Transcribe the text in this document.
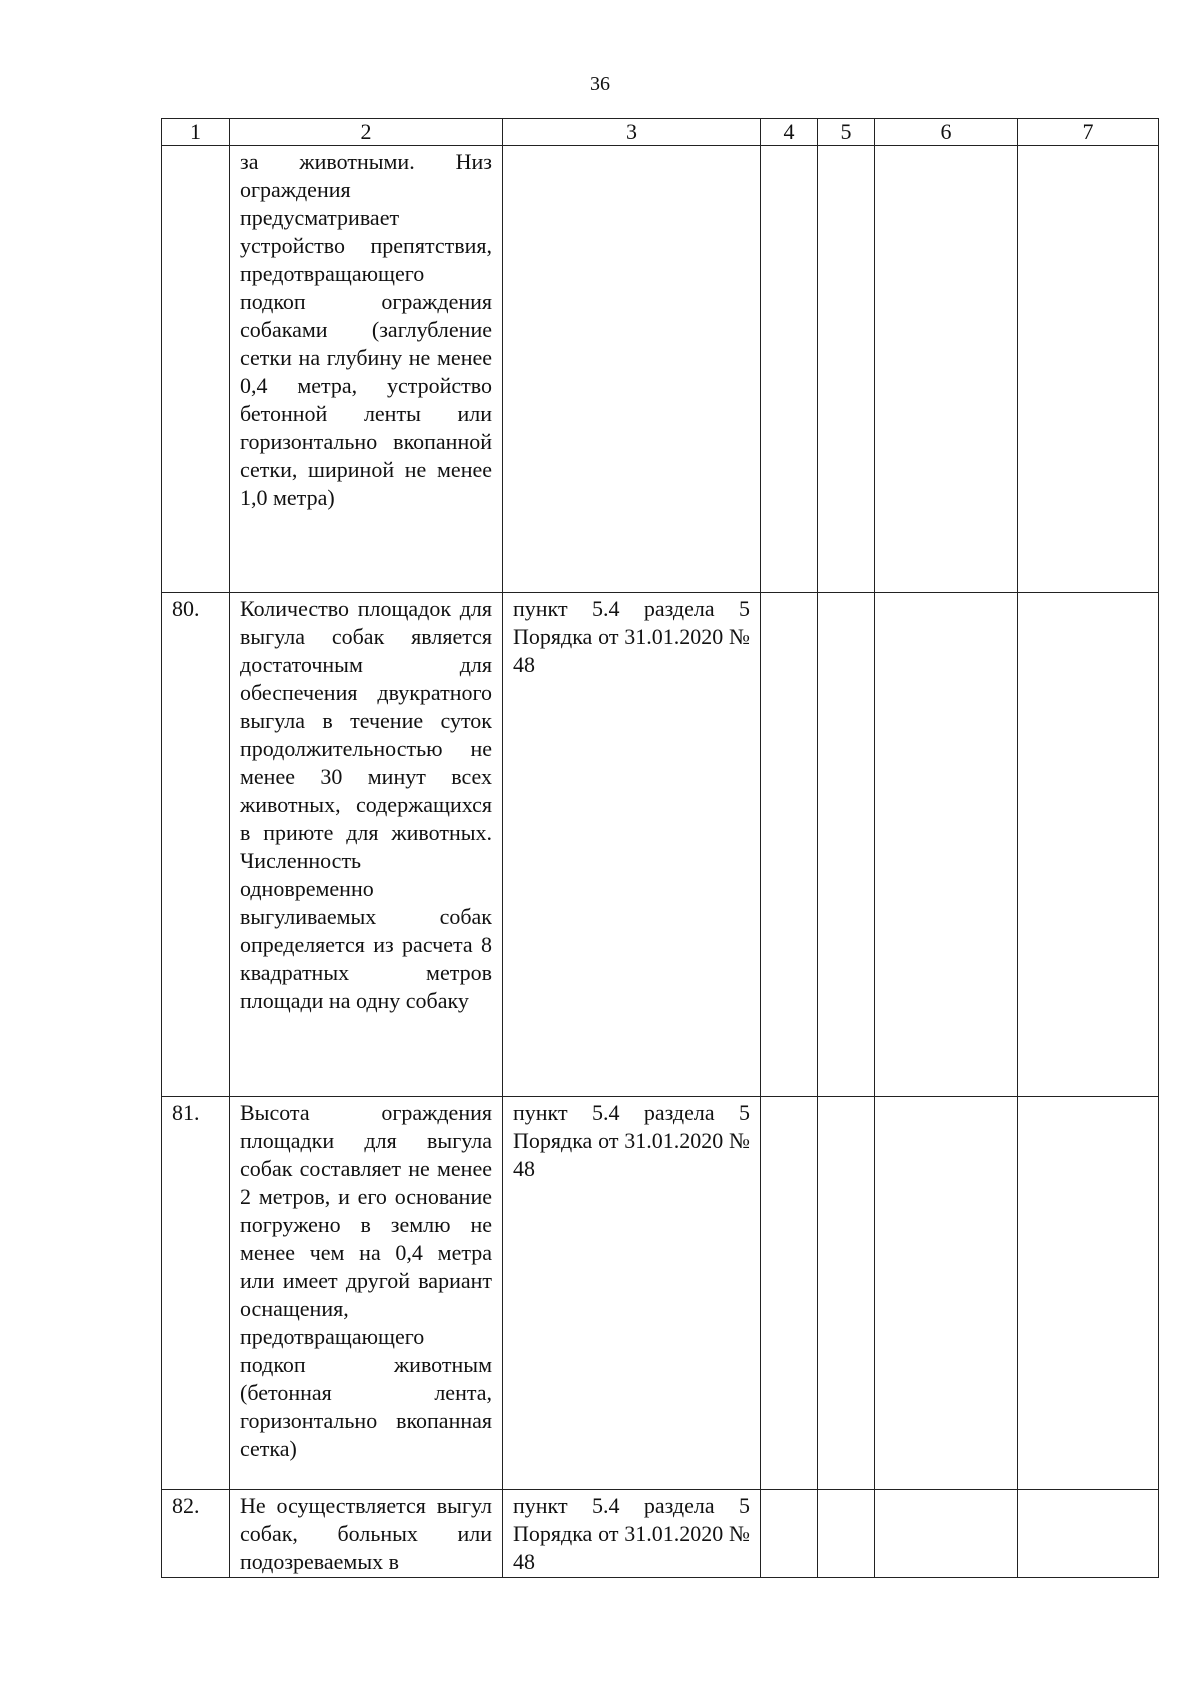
36
1	2	3	4	5	6	7
	за животными. Низ ограждения предусматривает устройство препятствия, предотвращающего подкоп ограждения собаками (заглубление сетки на глубину не менее 0,4 метра, устройство бетонной ленты или горизонтально вкопанной сетки, шириной не менее 1,0 метра)					
80.	Количество площадок для выгула собак является достаточным для обеспечения двукратного выгула в течение суток продолжительностью не менее 30 минут всех животных, содержащихся в приюте для животных. Численность одновременно выгуливаемых собак определяется из расчета 8 квадратных метров площади на одну собаку	пункт 5.4 раздела 5 Порядка от 31.01.2020 № 48				
81.	Высота ограждения площадки для выгула собак составляет не менее 2 метров, и его основание погружено в землю не менее чем на 0,4 метра или имеет другой вариант оснащения, предотвращающего подкоп животным (бетонная лента, горизонтально вкопанная сетка)	пункт 5.4 раздела 5 Порядка от 31.01.2020 № 48				
82.	Не осуществляется выгул собак, больных или подозреваемых в	пункт 5.4 раздела 5 Порядка от 31.01.2020 № 48				
